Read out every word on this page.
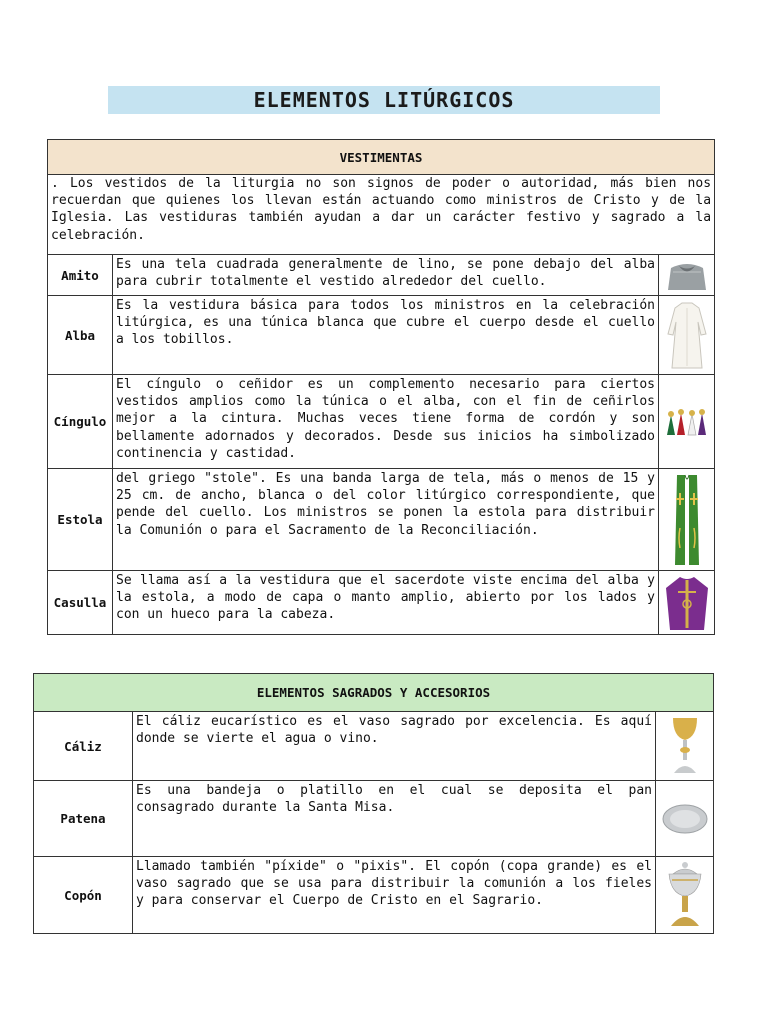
ELEMENTOS LITÚRGICOS
VESTIMENTAS		
. Los vestidos de la liturgia no son signos de poder o autoridad, más bien nos recuerdan que quienes los llevan están actuando como ministros de Cristo y de la Iglesia. Las vestiduras también ayudan a dar un carácter festivo y sagrado a la celebración.		
Amito	Es una tela cuadrada generalmente de lino, se pone debajo del alba para cubrir totalmente el vestido alrededor del cuello.	

Alba	Es la vestidura básica para todos los ministros en la celebración litúrgica, es una túnica blanca que cubre el cuerpo desde el cuello a los tobillos.	

Cíngulo	El cíngulo o ceñidor es un complemento necesario para ciertos vestidos amplios como la túnica o el alba, con el fin de ceñirlos mejor a la cintura. Muchas veces tiene forma de cordón y son bellamente adornados y decorados. Desde sus inicios ha simbolizado continencia y castidad.	

Estola	del griego "stole". Es una banda larga de tela, más o menos de 15 y 25 cm. de ancho, blanca o del color litúrgico correspondiente, que pende del cuello. Los ministros se ponen la estola para distribuir la Comunión o para el Sacramento de la Reconciliación.	

Casulla	Se llama así a la vestidura que el sacerdote viste encima del alba y la estola, a modo de capa o manto amplio, abierto por los lados y con un hueco para la cabeza.	
ELEMENTOS SAGRADOS Y ACCESORIOS		
Cáliz	El cáliz eucarístico es el vaso sagrado por excelencia. Es aquí donde se vierte el agua o vino.	

Patena	Es una bandeja o platillo en el cual se deposita el pan consagrado durante la Santa Misa.	

Copón	Llamado también "píxide" o "pixis". El copón (copa grande) es el vaso sagrado que se usa para distribuir la comunión a los fieles y para conservar el Cuerpo de Cristo en el Sagrario.	
